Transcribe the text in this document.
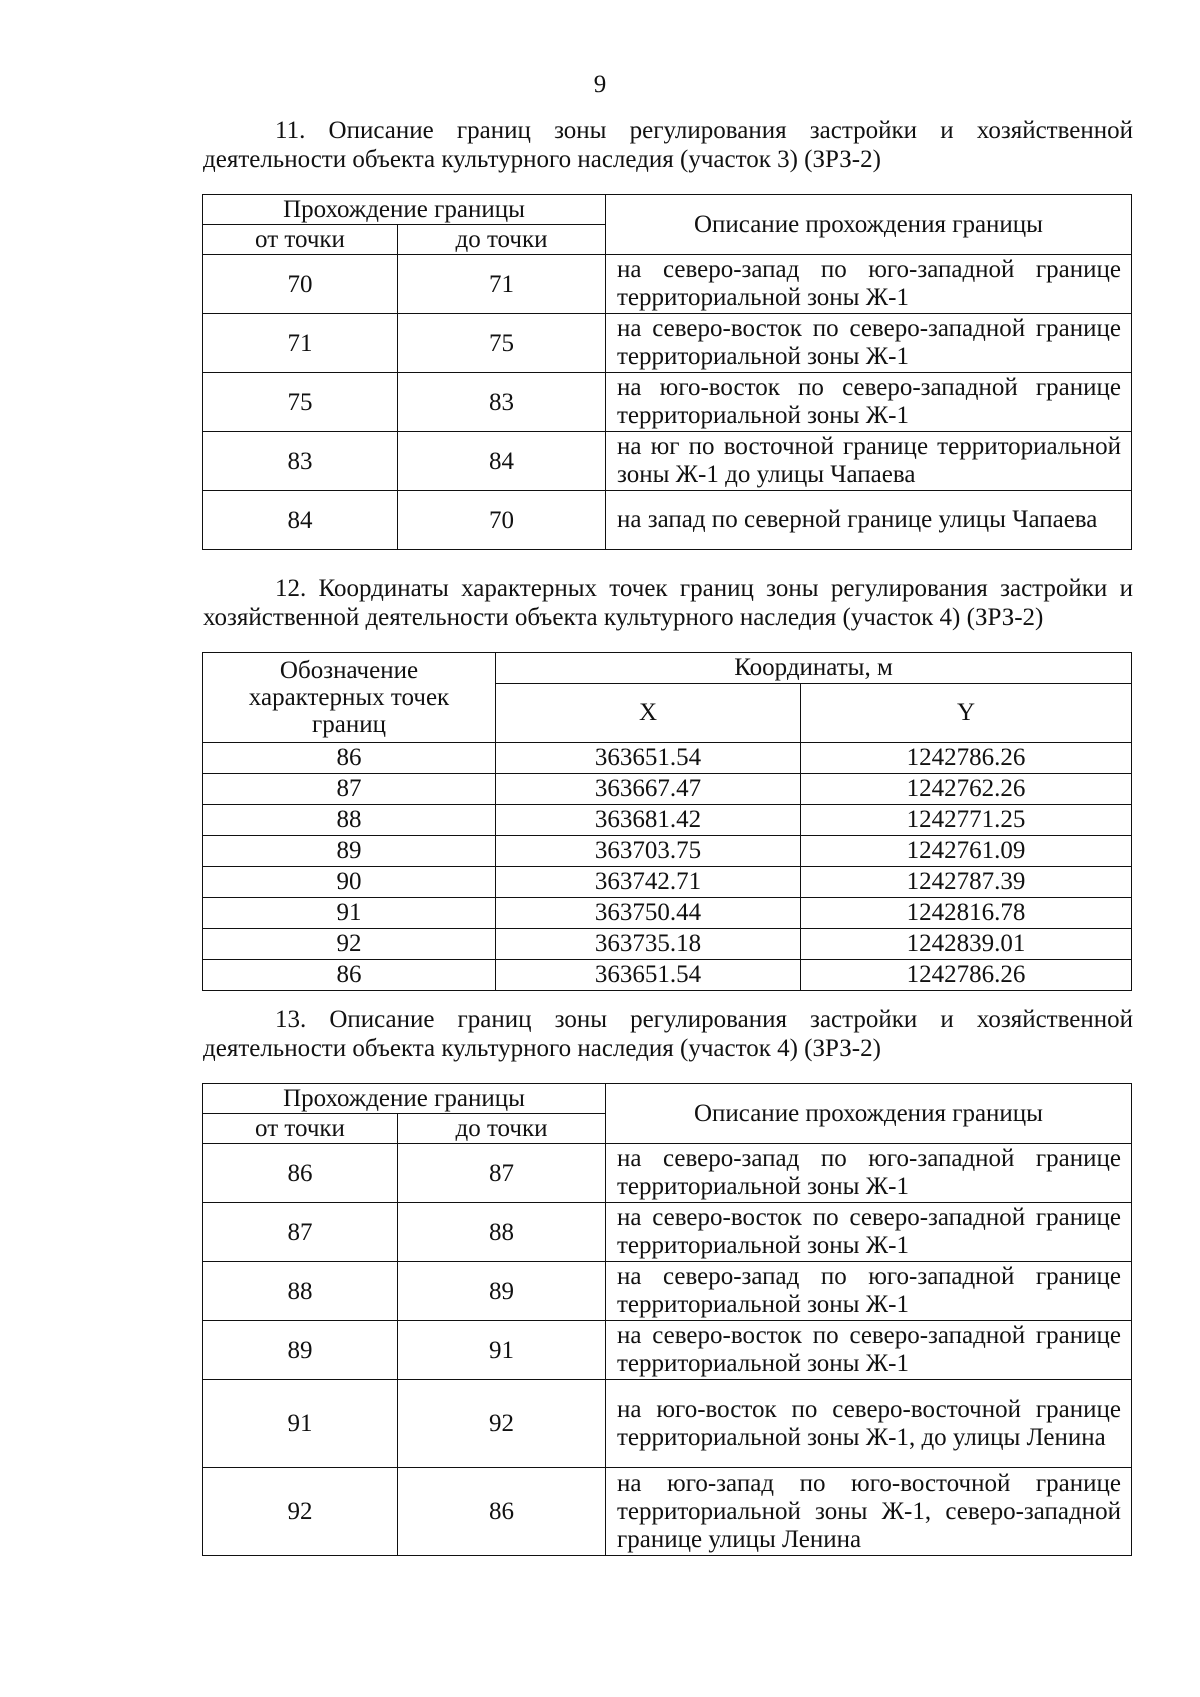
9

11. Описание границ зоны регулирования застройки и хозяйственной деятельности объекта культурного наследия (участок 3) (ЗРЗ-2)

Прохождение границы		Описание прохождения границы
от точки	до точки	
70	71	на северо-запад по юго-западной границе территориальной зоны Ж-1
71	75	на северо-восток по северо-западной границе территориальной зоны Ж-1
75	83	на юго-восток по северо-западной границе территориальной зоны Ж-1
83	84	на юг по восточной границе территориальной зоны Ж-1 до улицы Чапаева
84	70	на запад по северной границе улицы Чапаева

12. Координаты характерных точек границ зоны регулирования застройки и хозяйственной деятельности объекта культурного наследия (участок 4) (ЗРЗ-2)

Обозначение характерных точек границ	Координаты, м	
	X	Y
86	363651.54	1242786.26
87	363667.47	1242762.26
88	363681.42	1242771.25
89	363703.75	1242761.09
90	363742.71	1242787.39
91	363750.44	1242816.78
92	363735.18	1242839.01
86	363651.54	1242786.26

13. Описание границ зоны регулирования застройки и хозяйственной деятельности объекта культурного наследия (участок 4) (ЗРЗ-2)

Прохождение границы		Описание прохождения границы
от точки	до точки	
86	87	на северо-запад по юго-западной границе территориальной зоны Ж-1
87	88	на северо-восток по северо-западной границе территориальной зоны Ж-1
88	89	на северо-запад по юго-западной границе территориальной зоны Ж-1
89	91	на северо-восток по северо-западной границе территориальной зоны Ж-1
91	92	на юго-восток по северо-восточной границе территориальной зоны Ж-1, до улицы Ленина
92	86	на юго-запад по юго-восточной границе территориальной зоны Ж-1, северо-западной границе улицы Ленина
